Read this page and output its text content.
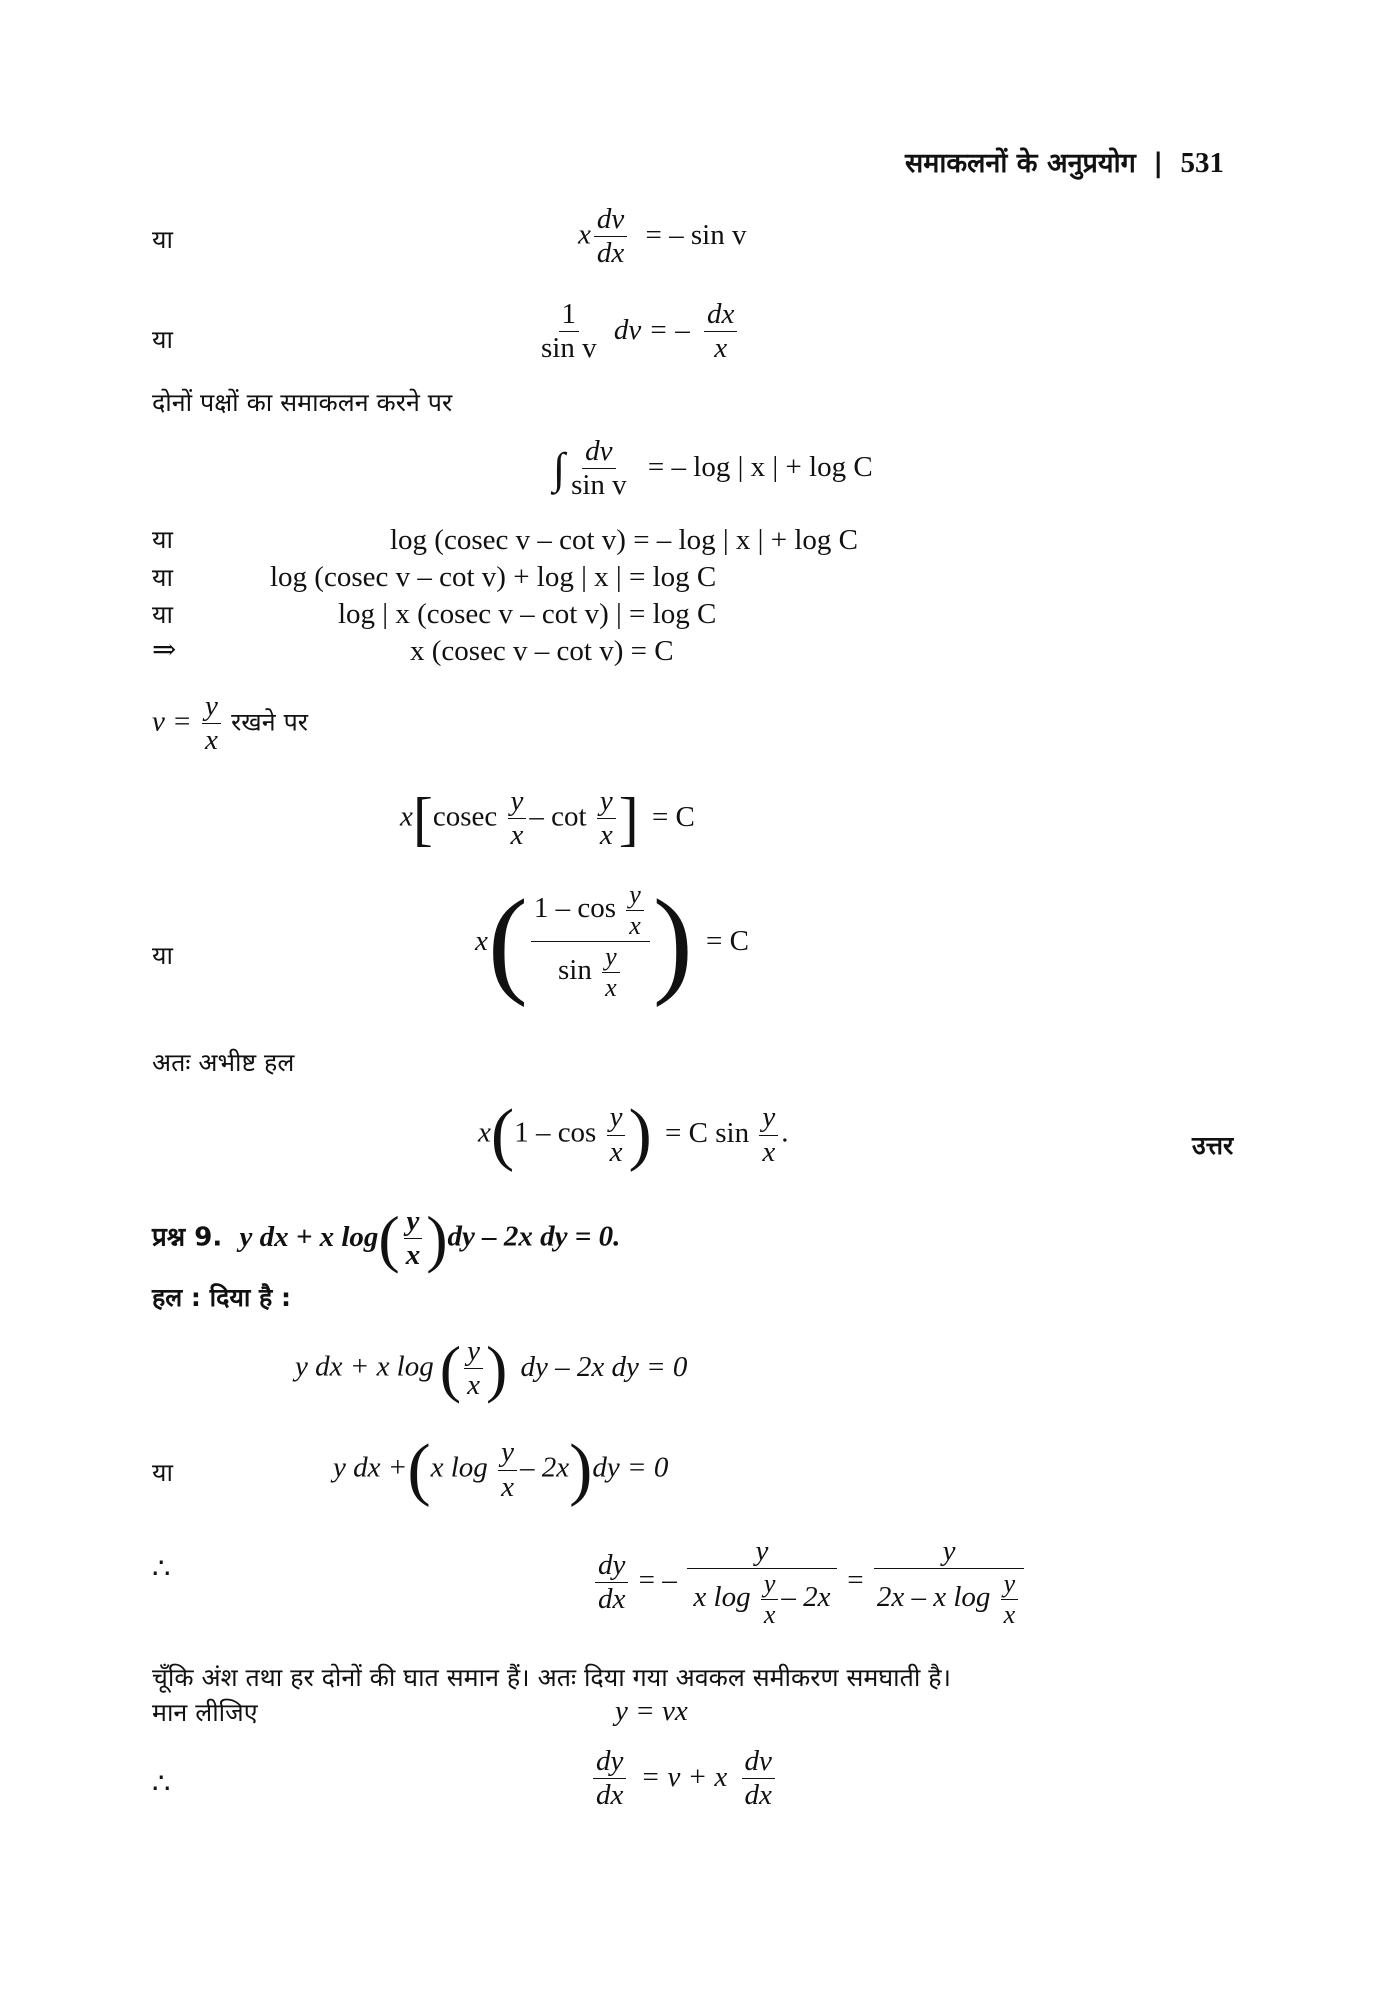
समाकलनों के अनुप्रयोग | 531
या	x $\frac{dv}{dx}$ = – sin v
या	$\frac{1}{\text{sin v}}$ dv = – $\frac{dx}{x}$
दोनों पक्षों का समाकलन करने पर
∫ $\frac{dv}{\text{sin v}}$ = – log | x | + log C
या	log (cosec v – cot v) = – log | x | + log C
या	log (cosec v – cot v) + log | x | = log C
या	log | x (cosec v – cot v) | = log C
⇒	x (cosec v – cot v) = C
$v = \frac{y}{x}$ रखने पर
$x[cosec \frac{y}{x}$ – $\cot \frac{y}{x}$ ] = C
या	$x( \frac{1 - \cos \frac{y}{x}}{\sin \frac{y}{x}}$ ) = C
अतः अभीष्ट हल
$x(1 - \cos \frac{y}{x}$ ) = C $\sin \frac{y}{x}$ .	उत्तर
प्रश्न 9. y dx + x $\log( \frac{y}{x} )dy - 2x$ dy = 0.
हल : दिया है :
y dx + x $\log( \frac{y}{x}$ ) dy – 2x dy = 0
या	y dx +(x $\log \frac{y}{x} - 2x)dy = 0$
∴	$\frac{dy}{dx}$ = – $\frac{y}{x \log \frac{y}{x} - 2x} = \frac{y}{2x - x \log \frac{y}{x}}$
चूँकि अंश तथा हर दोनों की घात समान हैं। अतः दिया गया अवकल समीकरण समघाती है।
मान लीजिए	y = vx
∴	$\frac{dy}{dx} = v + x \frac{dv}{dx}$
